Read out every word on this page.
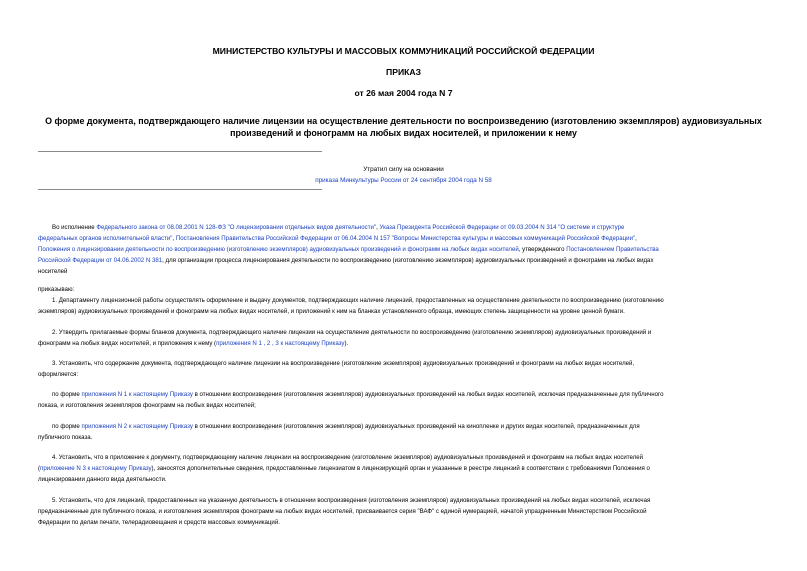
МИНИСТЕРСТВО КУЛЬТУРЫ И МАССОВЫХ КОММУНИКАЦИЙ РОССИЙСКОЙ ФЕДЕРАЦИИ
ПРИКАЗ
от 26 мая 2004 года N 7
О форме документа, подтверждающего наличие лицензии на осуществление деятельности по воспроизведению (изготовлению экземпляров) аудиовизуальных
произведений и фонограмм на любых видах носителей, и приложении к нему
Утратил силу на основании
приказа Минкультуры России от 24 сентября 2004 года N 58
Во исполнение Федерального закона от 08.08.2001 N 128-ФЗ "О лицензировании отдельных видов деятельности", Указа Президента Российской Федерации от 09.03.2004 N 314 "О системе и структуре
федеральных органов исполнительной власти", Постановления Правительства Российской Федерации от 06.04.2004 N 157 "Вопросы Министерства культуры и массовых коммуникаций Российской Федерации",
Положения о лицензировании деятельности по воспроизведению (изготовлению экземпляров) аудиовизуальных произведений и фонограмм на любых видах носителей, утвержденного Постановлением Правительства
Российской Федерации от 04.06.2002 N 381, для организации процесса лицензирования деятельности по воспроизведению (изготовлению экземпляров) аудиовизуальных произведений и фонограмм на любых видах
носителей
приказываю:
1. Департаменту лицензионной работы осуществлять оформление и выдачу документов, подтверждающих наличие лицензий, предоставленных на осуществление деятельности по воспроизведению (изготовлению
экземпляров) аудиовизуальных произведений и фонограмм на любых видах носителей, и приложений к ним на бланках установленного образца, имеющих степень защищенности на уровне ценной бумаги.
2. Утвердить прилагаемые формы бланков документа, подтверждающего наличие лицензии на осуществление деятельности по воспроизведению (изготовлению экземпляров) аудиовизуальных произведений и
фонограмм на любых видах носителей, и приложения к нему (приложения N 1 , 2 , 3 к настоящему Приказу).
3. Установить, что содержание документа, подтверждающего наличие лицензии на воспроизведение (изготовление экземпляров) аудиовизуальных произведений и фонограмм на любых видах носителей,
оформляется:
по форме приложения N 1 к настоящему Приказу в отношении воспроизведения (изготовления экземпляров) аудиовизуальных произведений на любых видах носителей, исключая предназначенные для публичного
показа, и изготовления экземпляров фонограмм на любых видах носителей;
по форме приложения N 2 к настоящему Приказу в отношении воспроизведения (изготовления экземпляров) аудиовизуальных произведений на кинопленке и других видах носителей, предназначенных для
публичного показа.
4. Установить, что в приложение к документу, подтверждающему наличие лицензии на воспроизведение (изготовление экземпляров) аудиовизуальных произведений и фонограмм на любых видах носителей
(приложение N 3 к настоящему Приказу), заносятся дополнительные сведения, предоставленные лицензиатом в лицензирующий орган и указанные в реестре лицензий в соответствии с требованиями Положения о
лицензировании данного вида деятельности.
5. Установить, что для лицензий, предоставленных на указанную деятельность в отношении воспроизведения (изготовления экземпляров) аудиовизуальных произведений на любых видах носителей, исключая
предназначенные для публичного показа, и изготовления экземпляров фонограмм на любых видах носителей, присваивается серия "ВАФ" с единой нумерацией, начатой упраздненным Министерством Российской
Федерации по делам печати, телерадиовещания и средств массовых коммуникаций.
